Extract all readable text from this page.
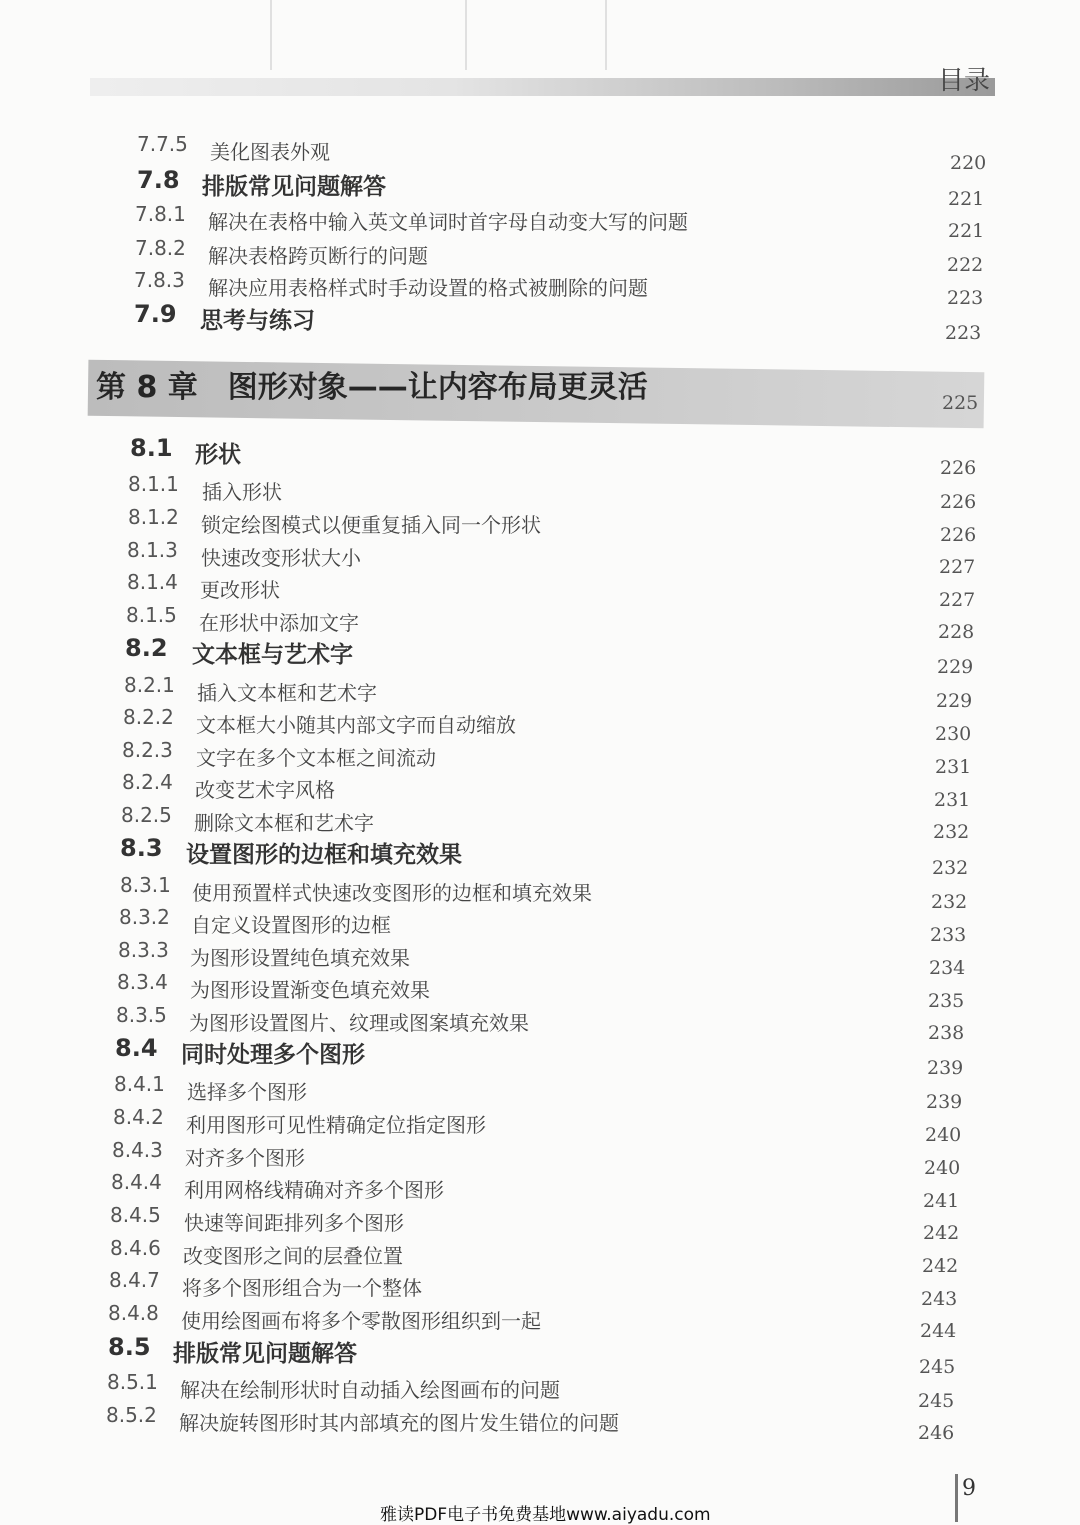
目录
7.7.5 美化图表外观	220
7.8 排版常见问题解答	221
7.8.1 解决在表格中输入英文单词时首字母自动变大写的问题	221
7.8.2 解决表格跨页断行的问题	222
7.8.3 解决应用表格样式时手动设置的格式被删除的问题	223
7.9 思考与练习	223
第 8 章　图形对象——让内容布局更灵活	225
8.1 形状	226
8.1.1 插入形状	226
8.1.2 锁定绘图模式以便重复插入同一个形状	226
8.1.3 快速改变形状大小	227
8.1.4 更改形状	227
8.1.5 在形状中添加文字	228
8.2 文本框与艺术字	229
8.2.1 插入文本框和艺术字	229
8.2.2 文本框大小随其内部文字而自动缩放	230
8.2.3 文字在多个文本框之间流动	231
8.2.4 改变艺术字风格	231
8.2.5 删除文本框和艺术字	232
8.3 设置图形的边框和填充效果	232
8.3.1 使用预置样式快速改变图形的边框和填充效果	232
8.3.2 自定义设置图形的边框	233
8.3.3 为图形设置纯色填充效果	234
8.3.4 为图形设置渐变色填充效果	235
8.3.5 为图形设置图片、纹理或图案填充效果	238
8.4 同时处理多个图形	239
8.4.1 选择多个图形	239
8.4.2 利用图形可见性精确定位指定图形	240
8.4.3 对齐多个图形	240
8.4.4 利用网格线精确对齐多个图形	241
8.4.5 快速等间距排列多个图形	242
8.4.6 改变图形之间的层叠位置	242
8.4.7 将多个图形组合为一个整体	243
8.4.8 使用绘图画布将多个零散图形组织到一起	244
8.5 排版常见问题解答	245
8.5.1 解决在绘制形状时自动插入绘图画布的问题	245
8.5.2 解决旋转图形时其内部填充的图片发生错位的问题	246
9
雅读PDF电子书免费基地www.aiyadu.com
